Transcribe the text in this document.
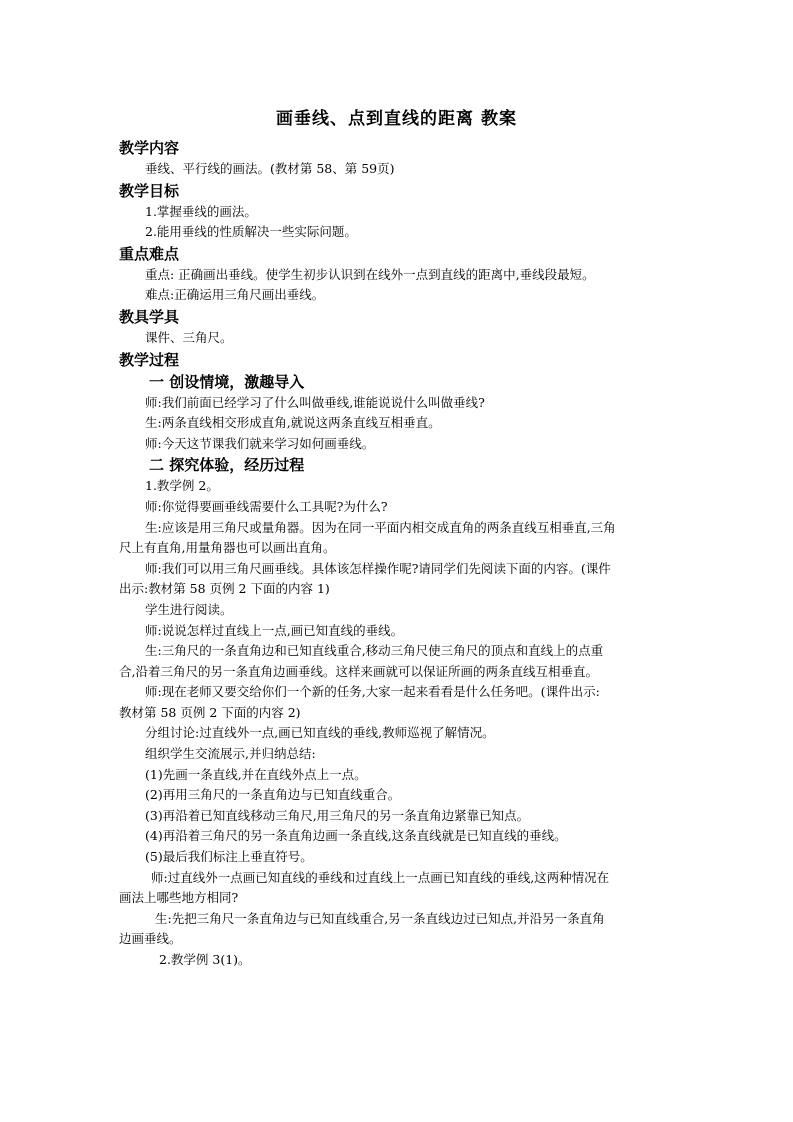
画垂线、点到直线的距离 教案
教学内容
垂线、平行线的画法。(教材第 58、第 59页)
教学目标
1.掌握垂线的画法。
2.能用垂线的性质解决一些实际问题。
重点难点
重点: 正确画出垂线。使学生初步认识到在线外一点到直线的距离中,垂线段最短。
难点:正确运用三角尺画出垂线。
教具学具
课件、三角尺。
教学过程
一 创设情境，激趣导入
师:我们前面已经学习了什么叫做垂线,谁能说说什么叫做垂线?
生:两条直线相交形成直角,就说这两条直线互相垂直。
师:今天这节课我们就来学习如何画垂线。
二 探究体验，经历过程
1.教学例 2。
师:你觉得要画垂线需要什么工具呢?为什么?
生:应该是用三角尺或量角器。因为在同一平面内相交成直角的两条直线互相垂直,三角
尺上有直角,用量角器也可以画出直角。
师:我们可以用三角尺画垂线。具体该怎样操作呢?请同学们先阅读下面的内容。(课件
出示:教材第 58 页例 2 下面的内容 1)
学生进行阅读。
师:说说怎样过直线上一点,画已知直线的垂线。
生:三角尺的一条直角边和已知直线重合,移动三角尺使三角尺的顶点和直线上的点重
合,沿着三角尺的另一条直角边画垂线。这样来画就可以保证所画的两条直线互相垂直。
师:现在老师又要交给你们一个新的任务,大家一起来看看是什么任务吧。(课件出示:
教材第 58 页例 2 下面的内容 2)
分组讨论:过直线外一点,画已知直线的垂线,教师巡视了解情况。
组织学生交流展示,并归纳总结:
(1)先画一条直线,并在直线外点上一点。
(2)再用三角尺的一条直角边与已知直线重合。
(3)再沿着已知直线移动三角尺,用三角尺的另一条直角边紧靠已知点。
(4)再沿着三角尺的另一条直角边画一条直线,这条直线就是已知直线的垂线。
(5)最后我们标注上垂直符号。
师:过直线外一点画已知直线的垂线和过直线上一点画已知直线的垂线,这两种情况在
画法上哪些地方相同?
生:先把三角尺一条直角边与已知直线重合,另一条直线边过已知点,并沿另一条直角
边画垂线。
2.教学例 3(1)。
